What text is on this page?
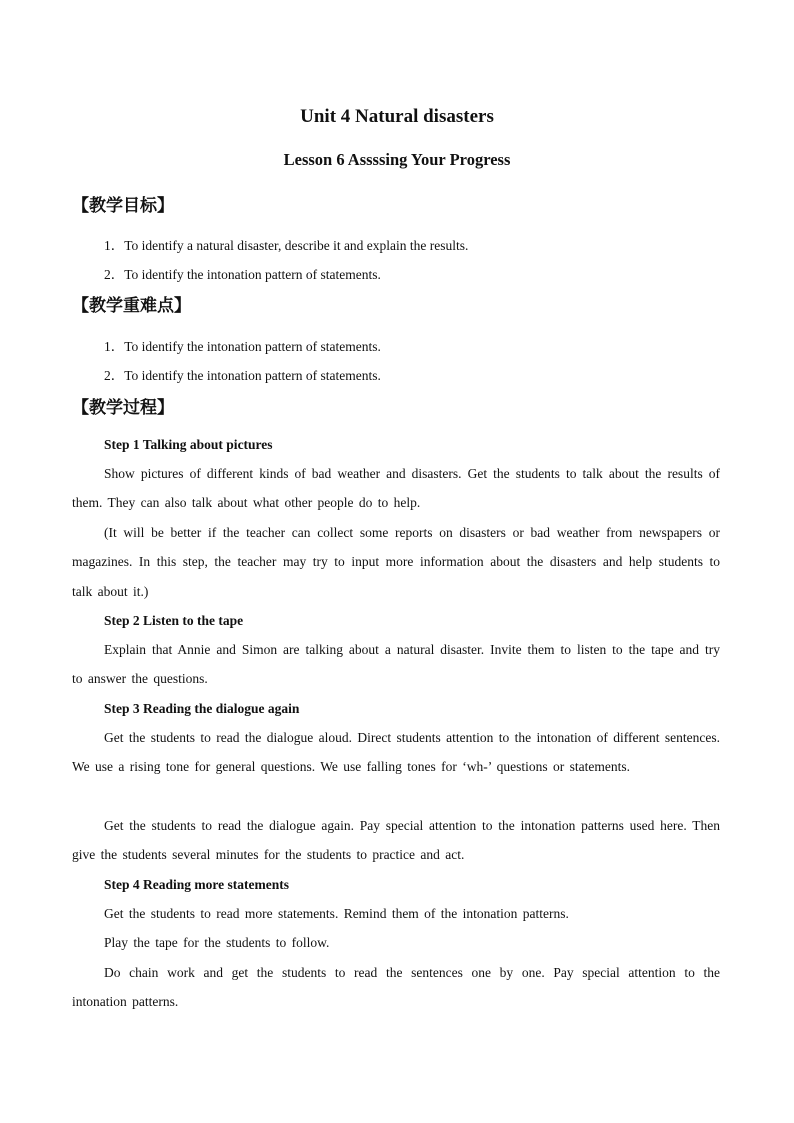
Unit 4 Natural disasters
Lesson 6 Assssing Your Progress
【教学目标】
1．To identify a natural disaster, describe it and explain the results.
2．To identify the intonation pattern of statements.
【教学重难点】
1．To identify the intonation pattern of statements.
2．To identify the intonation pattern of statements.
【教学过程】
Step 1 Talking about pictures
Show pictures of different kinds of bad weather and disasters. Get the students to talk about the results of them. They can also talk about what other people do to help.
(It will be better if the teacher can collect some reports on disasters or bad weather from newspapers or magazines. In this step, the teacher may try to input more information about the disasters and help students to talk about it.)
Step 2 Listen to the tape
Explain that Annie and Simon are talking about a natural disaster. Invite them to listen to the tape and try to answer the questions.
Step 3 Reading the dialogue again
Get the students to read the dialogue aloud. Direct students attention to the intonation of different sentences. We use a rising tone for general questions. We use falling tones for ‘wh-’ questions or statements.
Get the students to read the dialogue again. Pay special attention to the intonation patterns used here. Then give the students several minutes for the students to practice and act.
Step 4 Reading more statements
Get the students to read more statements. Remind them of the intonation patterns.
Play the tape for the students to follow.
Do chain work and get the students to read the sentences one by one. Pay special attention to the intonation patterns.
